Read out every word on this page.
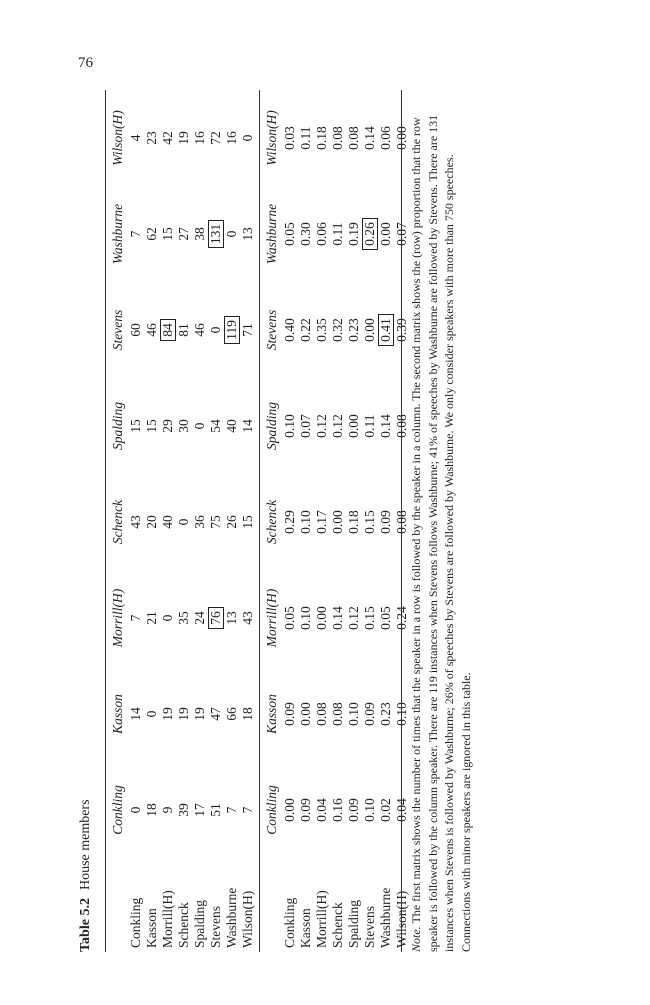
76
Table 5.2House members
	Conkling	Kasson	Morrill(H)	Schenck	Spalding	Stevens	Washburne	Wilson(H)
Conkling	0	14	7	43	15	60	7	4
Kasson	18	0	21	20	15	46	62	23
Morrill(H)	9	19	0	40	29	84	15	42
Schenck	39	19	35	0	30	81	27	19
Spalding	17	19	24	36	0	46	38	16
Stevens	51	47	76	75	54	0	131	72
Washburne	7	66	13	26	40	119	0	16
Wilson(H)	7	18	43	15	14	71	13	0
	Conkling	Kasson	Morrill(H)	Schenck	Spalding	Stevens	Washburne	Wilson(H)
Conkling	0.00	0.09	0.05	0.29	0.10	0.40	0.05	0.03
Kasson	0.09	0.00	0.10	0.10	0.07	0.22	0.30	0.11
Morrill(H)	0.04	0.08	0.00	0.17	0.12	0.35	0.06	0.18
Schenck	0.16	0.08	0.14	0.00	0.12	0.32	0.11	0.08
Spalding	0.09	0.10	0.12	0.18	0.00	0.23	0.19	0.08
Stevens	0.10	0.09	0.15	0.15	0.11	0.00	0.26	0.14
Washburne	0.02	0.23	0.05	0.09	0.14	0.41	0.00	0.06
Wilson(H)	0.04	0.10	0.24	0.08	0.08	0.39	0.07	0.00
Note. The first matrix shows the number of times that the speaker in a row is followed by the speaker in a column. The second matrix shows the (row) proportion that the row speaker is followed by the column speaker. There are 119 instances when Stevens follows Washburne; 41% of speeches by Washburne are followed by Stevens. There are 131 instances when Stevens is followed by Washburne; 26% of speeches by Stevens are followed by Washburne. We only consider speakers with more than 750 speeches. Connections with minor speakers are ignored in this table.
